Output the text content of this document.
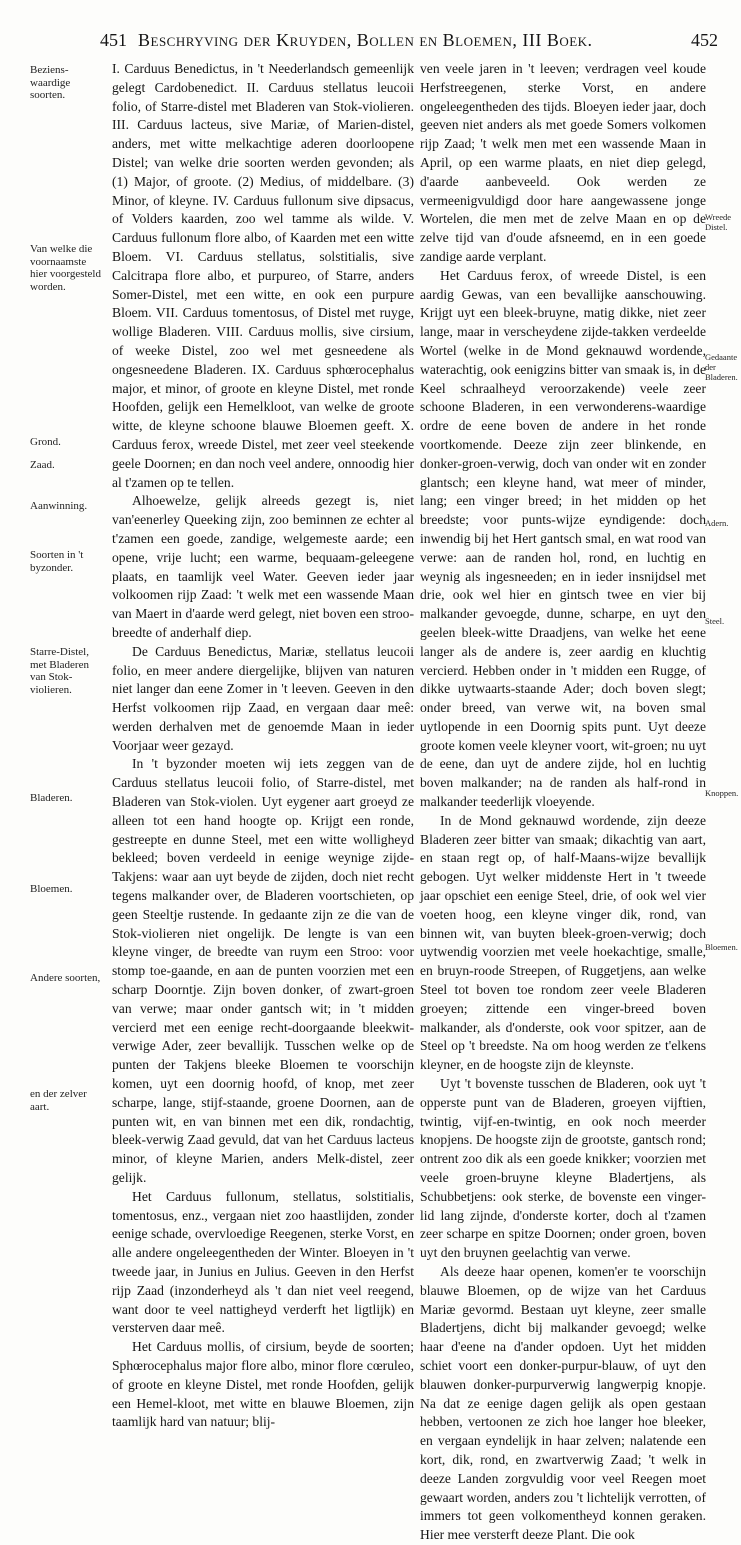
451 Beschryving der Kruyden, Bollen en Bloemen, III Boek.	452
Beziens-waardige soorten.
Van welke die voornaamste hier voorgesteld worden.
Grond.
Zaad.
Aanwinning.
Soorten in 't byzonder.
Starre-Distel, met Bladeren van Stok-violieren.
Bladeren.
Bloemen.
Andere soorten,
en der zelver aart.

I. Carduus Benedictus, in 't Neederlandsch gemeenlijk gelegt Cardobenedict. II. Carduus stellatus leucoii folio, of Starre-distel met Bladeren van Stok-violieren. III. Carduus lacteus, sive Mariæ, of Marien-distel, anders, met witte melkachtige aderen doorloopene Distel; van welke drie soorten werden gevonden; als (1) Major, of groote. (2) Medius, of middelbare. (3) Minor, of kleyne. IV. Carduus fullonum sive dipsacus, of Volders kaarden, zoo wel tamme als wilde. V. Carduus fullonum flore albo, of Kaarden met een witte Bloem. VI. Carduus stellatus, solstitialis, sive Calcitrapa flore albo, et purpureo, of Starre, anders Somer-Distel, met een witte, en ook een purpure Bloem. VII. Carduus tomentosus, of Distel met ruyge, wollige Bladeren. VIII. Carduus mollis, sive cirsium, of weeke Distel, zoo wel met gesneedene als ongesneedene Bladeren. IX. Carduus sphœrocephalus major, et minor, of groote en kleyne Distel, met ronde Hoofden, gelijk een Hemelkloot, van welke de groote witte, de kleyne schoone blauwe Bloemen geeft. X. Carduus ferox, wreede Distel, met zeer veel steekende geele Doornen; en dan noch veel andere, onnoodig hier al t'zamen op te tellen.

Alhoewelze, gelijk alreeds gezegt is, niet van'eenerley Queeking zijn, zoo beminnen ze echter al t'zamen een goede, zandige, welgemeste aarde; een opene, vrije lucht; een warme, bequaam-geleegene plaats, en taamlijk veel Water. Geeven ieder jaar volkoomen rijp Zaad: 't welk met een wassende Maan van Maert in d'aarde werd gelegt, niet boven een stroo-breedte of anderhalf diep.

De Carduus Benedictus, Mariæ, stellatus leucoii folio, en meer andere diergelijke, blijven van naturen niet langer dan eene Zomer in 't leeven. Geeven in den Herfst volkoomen rijp Zaad, en vergaan daar meê: werden derhalven met de genoemde Maan in ieder Voorjaar weer gezayd.

In 't byzonder moeten wij iets zeggen van de Carduus stellatus leucoii folio, of Starre-distel, met Bladeren van Stok-violen. Uyt eygener aart groeyd ze alleen tot een hand hoogte op. Krijgt een ronde, gestreepte en dunne Steel, met een witte wolligheyd bekleed; boven verdeeld in eenige weynige zijde-Takjens: waar aan uyt beyde de zijden, doch niet recht tegens malkander over, de Bladeren voortschieten, op geen Steeltje rustende. In gedaante zijn ze die van de Stok-violieren niet ongelijk. De lengte is van een kleyne vinger, de breedte van ruym een Stroo: voor stomp toe-gaande, en aan de punten voorzien met een scharp Doorntje. Zijn boven donker, of zwart-groen van verwe; maar onder gantsch wit; in 't midden vercierd met een eenige recht-doorgaande bleekwit-verwige Ader, zeer bevallijk. Tusschen welke op de punten der Takjens bleeke Bloemen te voorschijn komen, uyt een doornig hoofd, of knop, met zeer scharpe, lange, stijf-staande, groene Doornen, aan de punten wit, en van binnen met een dik, rondachtig, bleek-verwig Zaad gevuld, dat van het Carduus lacteus minor, of kleyne Marien, anders Melk-distel, zeer gelijk.

Het Carduus fullonum, stellatus, solstitialis, tomentosus, enz., vergaan niet zoo haastlijden, zonder eenige schade, overvloedige Reegenen, sterke Vorst, en alle andere ongeleegentheden der Winter. Bloeyen in 't tweede jaar, in Junius en Julius. Geeven in den Herfst rijp Zaad (inzonderheyd als 't dan niet veel reegend, want door te veel nattigheyd verderft het ligtlijk) en versterven daar meê.

Het Carduus mollis, of cirsium, beyde de soorten; Sphœrocephalus major flore albo, minor flore cœruleo, of groote en kleyne Distel, met ronde Hoofden, gelijk een Hemel-kloot, met witte en blauwe Bloemen, zijn taamlijk hard van natuur; blij-

ven veele jaren in 't leeven; verdragen veel koude Herfstreegenen, sterke Vorst, en andere ongeleegentheden des tijds. Bloeyen ieder jaar, doch geeven niet anders als met goede Somers volkomen rijp Zaad; 't welk men met een wassende Maan in April, op een warme plaats, en niet diep gelegd, d'aarde aanbeveeld. Ook werden ze vermeenigvuldigd door hare aangewassene jonge Wortelen, die men met de zelve Maan en op de zelve tijd van d'oude afsneemd, en in een goede zandige aarde verplant.

Het Carduus ferox, of wreede Distel, is een aardig Gewas, van een bevallijke aanschouwing. Krijgt uyt een bleek-bruyne, matig dikke, niet zeer lange, maar in verscheydene zijde-takken verdeelde Wortel (welke in de Mond geknauwd wordende, waterachtig, ook eenigzins bitter van smaak is, in de Keel schraalheyd veroorzakende) veele zeer schoone Bladeren, in een verwonderens-waardige ordre de eene boven de andere in het ronde voortkomende. Deeze zijn zeer blinkende, en donker-groen-verwig, doch van onder wit en zonder glantsch; een kleyne hand, wat meer of minder, lang; een vinger breed; in het midden op het breedste; voor punts-wijze eyndigende: doch inwendig bij het Hert gantsch smal, en wat rood van verwe: aan de randen hol, rond, en luchtig en weynig als ingesneeden; en in ieder insnijdsel met drie, ook wel hier en gintsch twee en vier bij malkander gevoegde, dunne, scharpe, en uyt den geelen bleek-witte Draadjens, van welke het eene langer als de andere is, zeer aardig en kluchtig vercierd. Hebben onder in 't midden een Rugge, of dikke uytwaarts-staande Ader; doch boven slegt; onder breed, van verwe wit, na boven smal uytlopende in een Doornig spits punt. Uyt deeze groote komen veele kleyner voort, wit-groen; nu uyt de eene, dan uyt de andere zijde, hol en luchtig boven malkander; na de randen als half-rond in malkander teederlijk vloeyende.

In de Mond geknauwd wordende, zijn deeze Bladeren zeer bitter van smaak; dikachtig van aart, en staan regt op, of half-Maans-wijze bevallijk gebogen. Uyt welker middenste Hert in 't tweede jaar opschiet een eenige Steel, drie, of ook wel vier voeten hoog, een kleyne vinger dik, rond, van binnen wit, van buyten bleek-groen-verwig; doch uytwendig voorzien met veele hoekachtige, smalle, en bruyn-roode Streepen, of Ruggetjens, aan welke Steel tot boven toe rondom zeer veele Bladeren groeyen; zittende een vinger-breed boven malkander, als d'onderste, ook voor spitzer, aan de Steel op 't breedste. Na om hoog werden ze t'elkens kleyner, en de hoogste zijn de kleynste.

Uyt 't bovenste tusschen de Bladeren, ook uyt 't opperste punt van de Bladeren, groeyen vijftien, twintig, vijf-en-twintig, en ook noch meerder knopjens. De hoogste zijn de grootste, gantsch rond; ontrent zoo dik als een goede knikker; voorzien met veele groen-bruyne kleyne Bladertjens, als Schubbetjens: ook sterke, de bovenste een vinger-lid lang zijnde, d'onderste korter, doch al t'zamen zeer scharpe en spitze Doornen; onder groen, boven uyt den bruynen geelachtig van verwe.

Als deeze haar openen, komen'er te voorschijn blauwe Bloemen, op de wijze van het Carduus Mariæ gevormd. Bestaan uyt kleyne, zeer smalle Bladertjens, dicht bij malkander gevoegd; welke haar d'eene na d'ander opdoen. Uyt het midden schiet voort een donker-purpur-blauw, of uyt den blauwen donker-purpurverwig langwerpig knopje. Na dat ze eenige dagen gelijk als open gestaan hebben, vertoonen ze zich hoe langer hoe bleeker, en vergaan eyndelijk in haar zelven; nalatende een kort, dik, rond, en zwartverwig Zaad; 't welk in deeze Landen zorgvuldig voor veel Reegen moet gewaart worden, anders zou 't lichtelijk verrotten, of immers tot geen volkomentheyd konnen geraken. Hier mee versterft deeze Plant. Die ook

Wreede Distel.
Gedaante der Bladeren.
Adern.
Steel.
Knoppen.
Bloemen.
